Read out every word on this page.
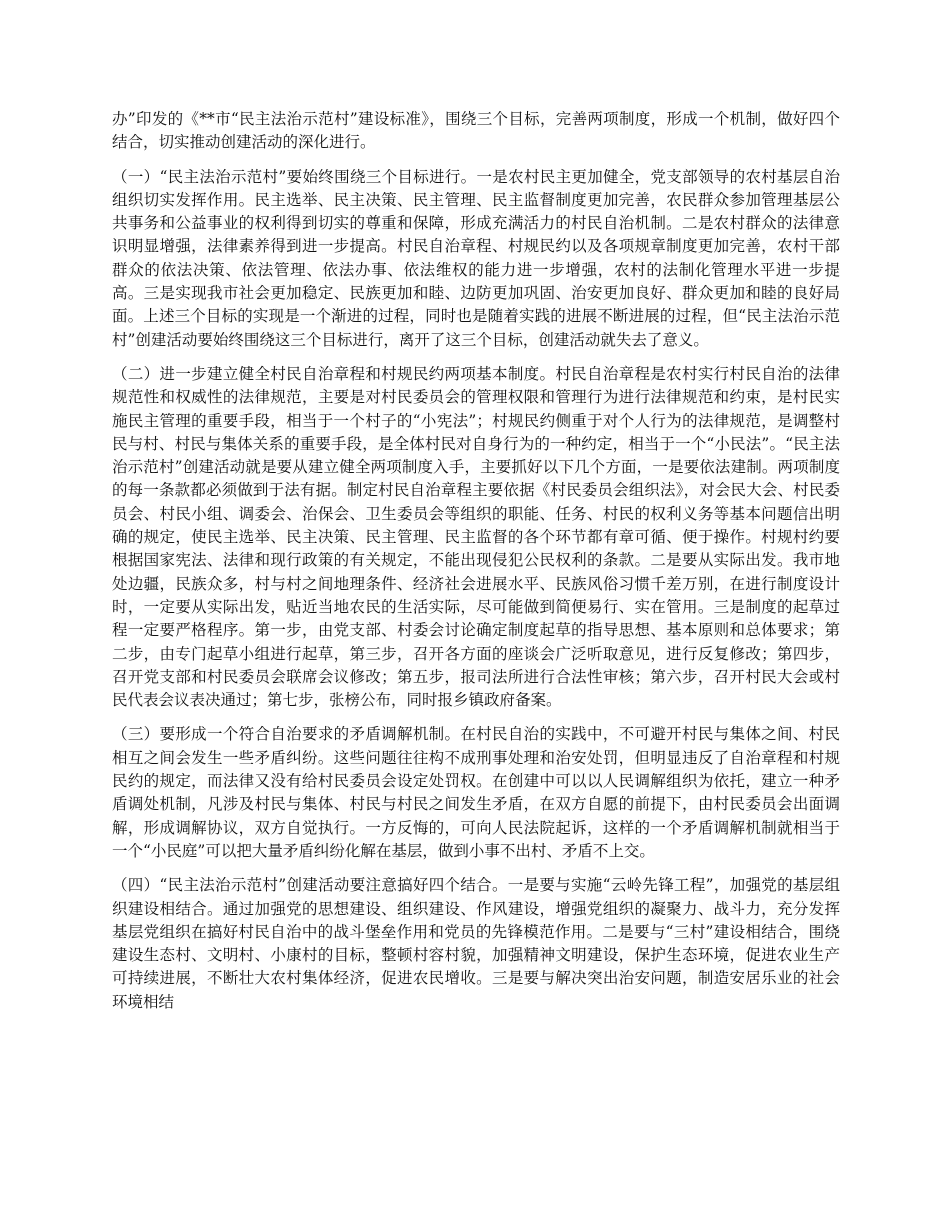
办”印发的《**市“民主法治示范村”建设标准》，围绕三个目标，完善两项制度，形成一个机制，做好四个结合，切实推动创建活动的深化进行。

（一）“民主法治示范村”要始终围绕三个目标进行。一是农村民主更加健全，党支部领导的农村基层自治组织切实发挥作用。民主选举、民主决策、民主管理、民主监督制度更加完善，农民群众参加管理基层公共事务和公益事业的权利得到切实的尊重和保障，形成充满活力的村民自治机制。二是农村群众的法律意识明显增强，法律素养得到进一步提高。村民自治章程、村规民约以及各项规章制度更加完善，农村干部群众的依法决策、依法管理、依法办事、依法维权的能力进一步增强，农村的法制化管理水平进一步提高。三是实现我市社会更加稳定、民族更加和睦、边防更加巩固、治安更加良好、群众更加和睦的良好局面。上述三个目标的实现是一个渐进的过程，同时也是随着实践的进展不断进展的过程，但“民主法治示范村”创建活动要始终围绕这三个目标进行，离开了这三个目标，创建活动就失去了意义。

（二）进一步建立健全村民自治章程和村规民约两项基本制度。村民自治章程是农村实行村民自治的法律规范性和权威性的法律规范，主要是对村民委员会的管理权限和管理行为进行法律规范和约束，是村民实施民主管理的重要手段，相当于一个村子的“小宪法”；村规民约侧重于对个人行为的法律规范，是调整村民与村、村民与集体关系的重要手段，是全体村民对自身行为的一种约定，相当于一个“小民法”。“民主法治示范村”创建活动就是要从建立健全两项制度入手，主要抓好以下几个方面，一是要依法建制。两项制度的每一条款都必须做到于法有据。制定村民自治章程主要依据《村民委员会组织法》，对会民大会、村民委员会、村民小组、调委会、治保会、卫生委员会等组织的职能、任务、村民的权利义务等基本问题信出明确的规定，使民主选举、民主决策、民主管理、民主监督的各个环节都有章可循、便于操作。村规村约要根据国家宪法、法律和现行政策的有关规定，不能出现侵犯公民权利的条款。二是要从实际出发。我市地处边疆，民族众多，村与村之间地理条件、经济社会进展水平、民族风俗习惯千差万别，在进行制度设计时，一定要从实际出发，贴近当地农民的生活实际，尽可能做到简便易行、实在管用。三是制度的起草过程一定要严格程序。第一步，由党支部、村委会讨论确定制度起草的指导思想、基本原则和总体要求；第二步，由专门起草小组进行起草，第三步，召开各方面的座谈会广泛听取意见，进行反复修改；第四步，召开党支部和村民委员会联席会议修改；第五步，报司法所进行合法性审核；第六步，召开村民大会或村民代表会议表决通过；第七步，张榜公布，同时报乡镇政府备案。

（三）要形成一个符合自治要求的矛盾调解机制。在村民自治的实践中，不可避开村民与集体之间、村民相互之间会发生一些矛盾纠纷。这些问题往往构不成刑事处理和治安处罚，但明显违反了自治章程和村规民约的规定，而法律又没有给村民委员会设定处罚权。在创建中可以以人民调解组织为依托，建立一种矛盾调处机制，凡涉及村民与集体、村民与村民之间发生矛盾，在双方自愿的前提下，由村民委员会出面调解，形成调解协议，双方自觉执行。一方反悔的，可向人民法院起诉，这样的一个矛盾调解机制就相当于一个“小民庭”可以把大量矛盾纠纷化解在基层，做到小事不出村、矛盾不上交。

（四）“民主法治示范村”创建活动要注意搞好四个结合。一是要与实施“云岭先锋工程”，加强党的基层组织建设相结合。通过加强党的思想建设、组织建设、作风建设，增强党组织的凝聚力、战斗力，充分发挥基层党组织在搞好村民自治中的战斗堡垒作用和党员的先锋模范作用。二是要与“三村”建设相结合，围绕建设生态村、文明村、小康村的目标，整顿村容村貌，加强精神文明建设，保护生态环境，促进农业生产可持续进展，不断壮大农村集体经济，促进农民增收。三是要与解决突出治安问题，制造安居乐业的社会环境相结
